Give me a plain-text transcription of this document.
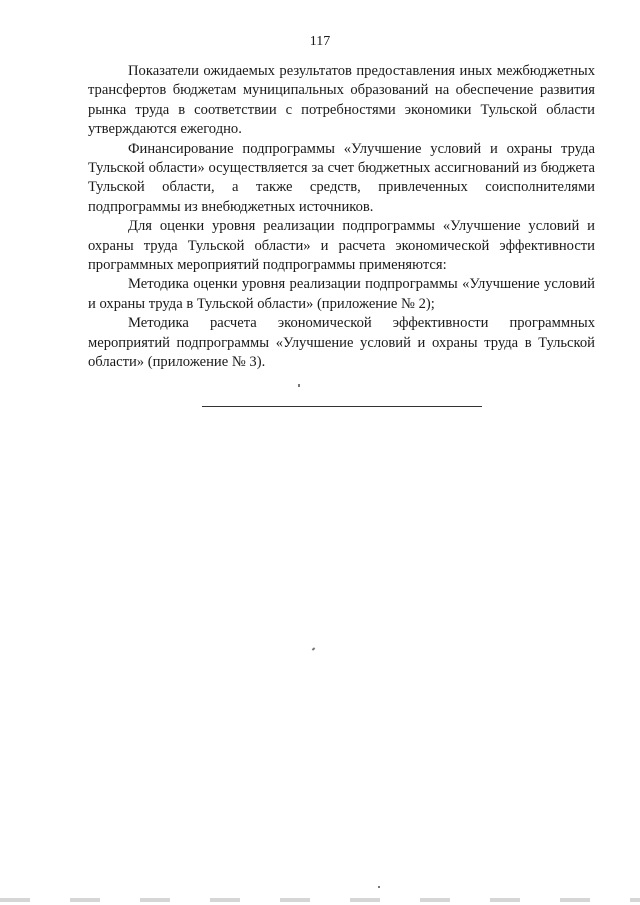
117

Показатели ожидаемых результатов предоставления иных межбюджетных трансфертов бюджетам муниципальных образований на обеспечение развития рынка труда в соответствии с потребностями экономики Тульской области утверждаются ежегодно.

Финансирование подпрограммы «Улучшение условий и охраны труда Тульской области» осуществляется за счет бюджетных ассигнований из бюджета Тульской области, а также средств, привлеченных соисполнителями подпрограммы из внебюджетных источников.

Для оценки уровня реализации подпрограммы «Улучшение условий и охраны труда Тульской области» и расчета экономической эффективности программных мероприятий подпрограммы применяются:

Методика оценки уровня реализации подпрограммы «Улучшение условий и охраны труда в Тульской области» (приложение № 2);

Методика расчета экономической эффективности программных мероприятий подпрограммы «Улучшение условий и охраны труда в Тульской области» (приложение № 3).
